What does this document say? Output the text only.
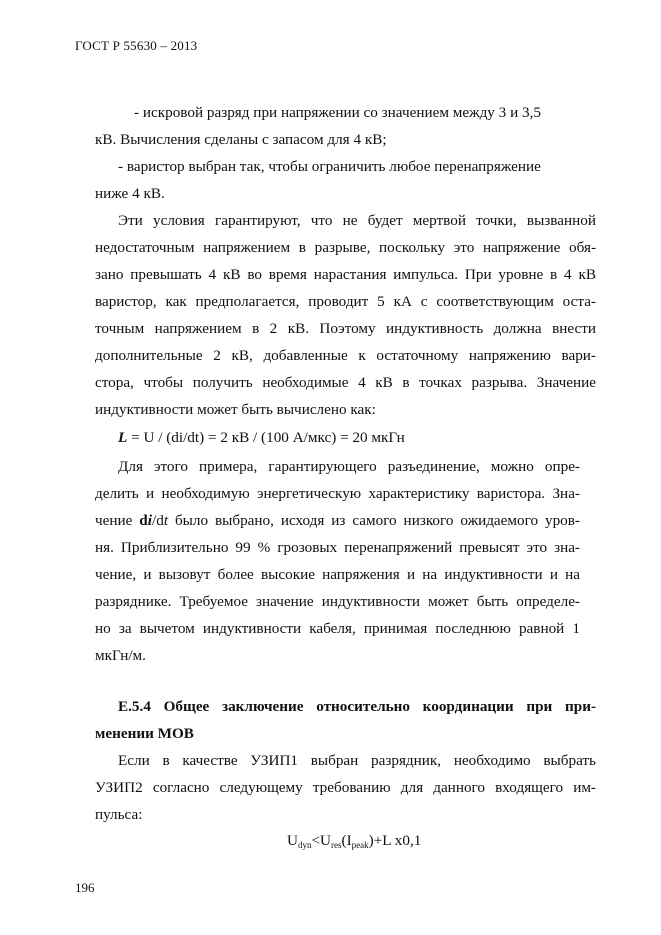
ГОСТ Р 55630 – 2013
- искровой разряд при напряжении со значением между 3 и 3,5
кВ. Вычисления сделаны с запасом для 4 кВ;
- варистор выбран так, чтобы ограничить любое перенапряжение
ниже 4 кВ.
Эти условия гарантируют, что не будет мертвой точки, вызванной
недостаточным напряжением в разрыве, поскольку это напряжение обя-
зано превышать 4 кВ во время нарастания импульса. При уровне в 4 кВ
варистор, как предполагается, проводит 5 кА с соответствующим оста-
точным напряжением в 2 кВ. Поэтому индуктивность должна внести
дополнительные 2 кВ, добавленные к остаточному напряжению вари-
стора, чтобы получить необходимые 4 кВ в точках разрыва. Значение
индуктивности может быть вычислено как:
L = U / (di/dt) = 2 кВ / (100 А/мкс) = 20 мкГн
Для этого примера, гарантирующего разъединение, можно опре-
делить и необходимую энергетическую характеристику варистора. Зна-
чение di/dt было выбрано, исходя из самого низкого ожидаемого уров-
ня. Приблизительно 99 % грозовых перенапряжений превысят это зна-
чение, и вызовут более высокие напряжения и на индуктивности и на
разряднике. Требуемое значение индуктивности может быть определе-
но за вычетом индуктивности кабеля, принимая последнюю равной 1
мкГн/м.
Е.5.4 Общее заключение относительно координации при при-
менении МОВ
Если в качестве УЗИП1 выбран разрядник, необходимо выбрать
УЗИП2 согласно следующему требованию для данного входящего им-
пульса:
$U_{dyn}<U_{res}(I_{peak})+L$ x0,1
196
